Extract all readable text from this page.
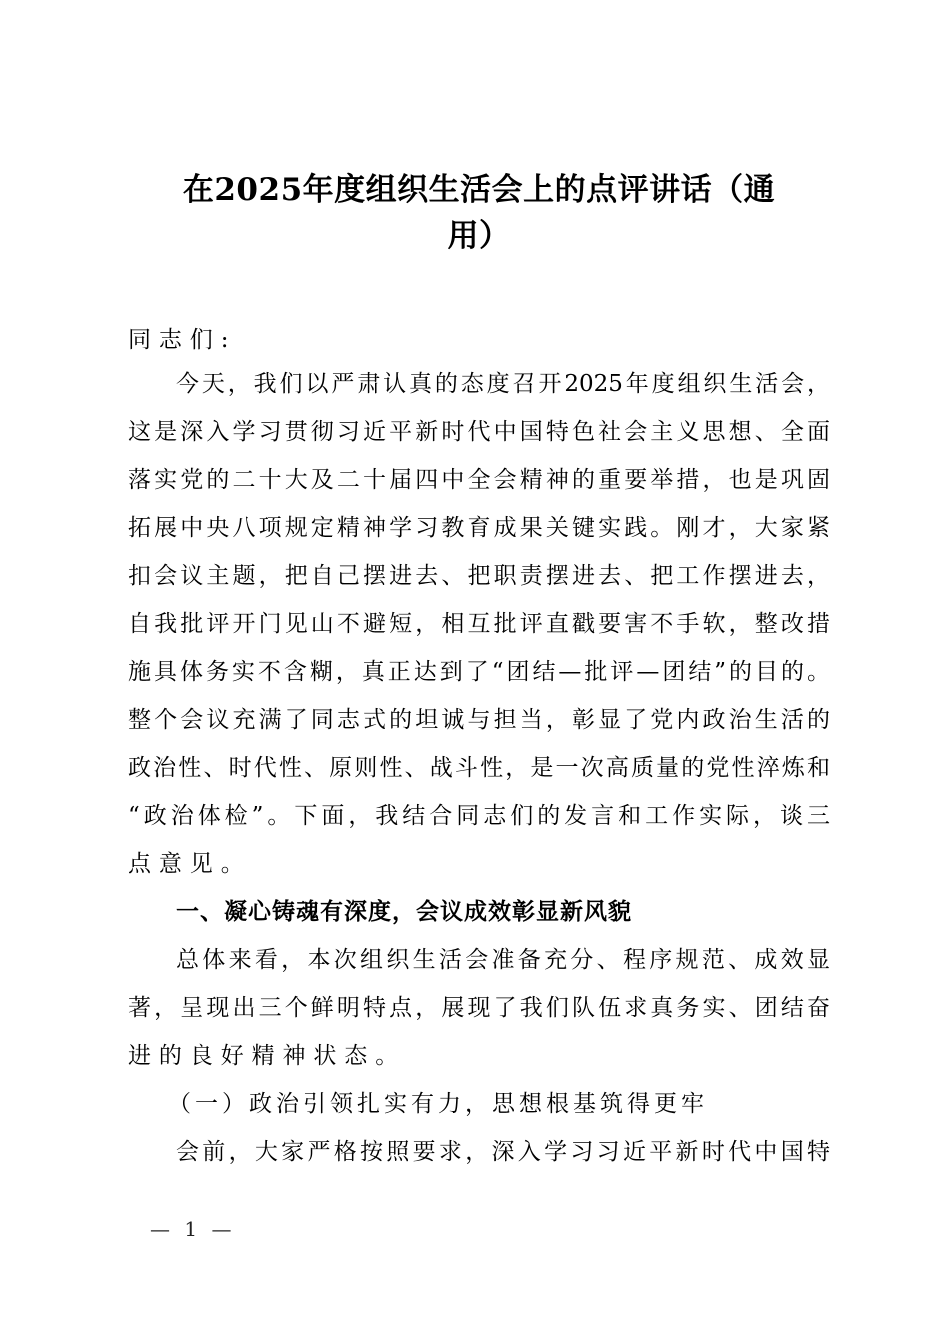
在2025年度组织生活会上的点评讲话（通
用）
同志们:
今天，我们以严肃认真的态度召开2025年度组织生活会，
这是深入学习贯彻习近平新时代中国特色社会主义思想、全面
落实党的二十大及二十届四中全会精神的重要举措，也是巩固
拓展中央八项规定精神学习教育成果关键实践。刚才，大家紧
扣会议主题，把自己摆进去、把职责摆进去、把工作摆进去，
自我批评开门见山不避短，相互批评直戳要害不手软，整改措
施具体务实不含糊，真正达到了“团结—批评—团结”的目的。
整个会议充满了同志式的坦诚与担当，彰显了党内政治生活的
政治性、时代性、原则性、战斗性，是一次高质量的党性淬炼和
“政治体检”。下面，我结合同志们的发言和工作实际，谈三
点意见。
一、凝心铸魂有深度，会议成效彰显新风貌
总体来看，本次组织生活会准备充分、程序规范、成效显
著，呈现出三个鲜明特点，展现了我们队伍求真务实、团结奋
进的良好精神状态。
（一）政治引领扎实有力，思想根基筑得更牢
会前，大家严格按照要求，深入学习习近平新时代中国特
— 1 —
